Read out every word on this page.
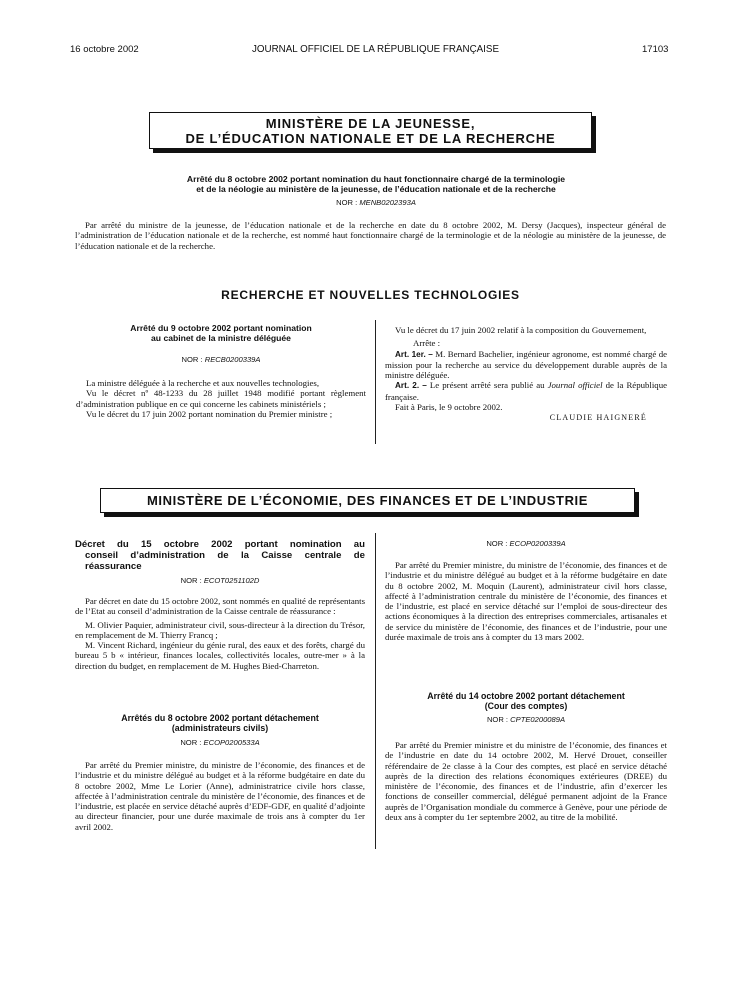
16 octobre 2002	JOURNAL OFFICIEL DE LA RÉPUBLIQUE FRANÇAISE	17103
MINISTÈRE DE LA JEUNESSE,
DE L’ÉDUCATION NATIONALE ET DE LA RECHERCHE
Arrêté du 8 octobre 2002 portant nomination du haut fonctionnaire chargé de la terminologie
et de la néologie au ministère de la jeunesse, de l’éducation nationale et de la recherche
NOR : MENB0202393A

Par arrêté du ministre de la jeunesse, de l’éducation nationale et de la recherche en date du 8 octobre 2002, M. Dersy (Jacques), inspecteur général de l’administration de l’éducation nationale et de la recherche, est nommé haut fonctionnaire chargé de la terminologie et de la néologie au ministère de la jeunesse, de l’éducation nationale et de la recherche.

RECHERCHE ET NOUVELLES TECHNOLOGIES
Arrêté du 9 octobre 2002 portant nomination
au cabinet de la ministre déléguée
NOR : RECB0200339A

La ministre déléguée à la recherche et aux nouvelles technologies,

Vu le décret nº 48-1233 du 28 juillet 1948 modifié portant règlement d’administration publique en ce qui concerne les cabinets ministériels ;

Vu le décret du 17 juin 2002 portant nomination du Premier ministre ;

Vu le décret du 17 juin 2002 relatif à la composition du Gouvernement,

Arrête :

Art. 1er. – M. Bernard Bachelier, ingénieur agronome, est nommé chargé de mission pour la recherche au service du développement durable auprès de la ministre déléguée.

Art. 2. – Le présent arrêté sera publié au Journal officiel de la République française.

Fait à Paris, le 9 octobre 2002.

CLAUDIE HAIGNERÉ
MINISTÈRE DE L’ÉCONOMIE, DES FINANCES ET DE L’INDUSTRIE
Décret du 15 octobre 2002 portant nomination au
conseil d’administration de la Caisse centrale de
réassurance
NOR : ECOT0251102D

Par décret en date du 15 octobre 2002, sont nommés en qualité de représentants de l’Etat au conseil d’administration de la Caisse centrale de réassurance :

M. Olivier Paquier, administrateur civil, sous-directeur à la direction du Trésor, en remplacement de M. Thierry Francq ;

M. Vincent Richard, ingénieur du génie rural, des eaux et des forêts, chargé du bureau 5 b « intérieur, finances locales, collectivités locales, outre-mer » à la direction du budget, en remplacement de M. Hughes Bied-Charreton.

Arrêtés du 8 octobre 2002 portant détachement
(administrateurs civils)
NOR : ECOP0200533A

Par arrêté du Premier ministre, du ministre de l’économie, des finances et de l’industrie et du ministre délégué au budget et à la réforme budgétaire en date du 8 octobre 2002, Mme Le Lorier (Anne), administratrice civile hors classe, affectée à l’administration centrale du ministère de l’économie, des finances et de l’industrie, est placée en service détaché auprès d’EDF-GDF, en qualité d’adjointe au directeur financier, pour une durée maximale de trois ans à compter du 1er avril 2002.

NOR : ECOP0200339A

Par arrêté du Premier ministre, du ministre de l’économie, des finances et de l’industrie et du ministre délégué au budget et à la réforme budgétaire en date du 8 octobre 2002, M. Moquin (Laurent), administrateur civil hors classe, affecté à l’administration centrale du ministère de l’économie, des finances et de l’industrie, est placé en service détaché sur l’emploi de sous-directeur des actions économiques à la direction des entreprises commerciales, artisanales et de service du ministère de l’économie, des finances et de l’industrie, pour une durée maximale de trois ans à compter du 13 mars 2002.

Arrêté du 14 octobre 2002 portant détachement
(Cour des comptes)
NOR : CPTE0200089A

Par arrêté du Premier ministre et du ministre de l’économie, des finances et de l’industrie en date du 14 octobre 2002, M. Hervé Drouet, conseiller référendaire de 2e classe à la Cour des comptes, est placé en service détaché auprès de la direction des relations économiques extérieures (DREE) du ministère de l’économie, des finances et de l’industrie, afin d’exercer les fonctions de conseiller commercial, délégué permanent adjoint de la France auprès de l’Organisation mondiale du commerce à Genève, pour une période de deux ans à compter du 1er septembre 2002, au titre de la mobilité.
